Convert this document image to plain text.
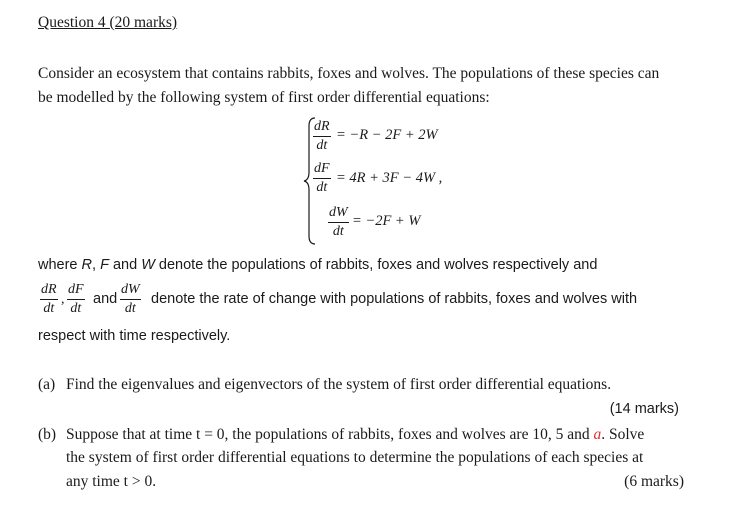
Question 4 (20 marks)
Consider an ecosystem that contains rabbits, foxes and wolves. The populations of these species can
be modelled by the following system of first order differential equations:
dR
dt
= −R − 2F + 2W
dF
dt
= 4R + 3F − 4W ,
dW
dt
= −2F + W
where R, F and W denote the populations of rabbits, foxes and wolves respectively and
dR
dt
,
dF
dt
and
dW
dt
denote the rate of change with populations of rabbits, foxes and wolves with
respect with time respectively.
(a) Find the eigenvalues and eigenvectors of the system of first order differential equations.
(14 marks)
(b) Suppose that at time t = 0, the populations of rabbits, foxes and wolves are 10, 5 and a. Solve
the system of first order differential equations to determine the populations of each species at
any time t > 0.	(6 marks)
